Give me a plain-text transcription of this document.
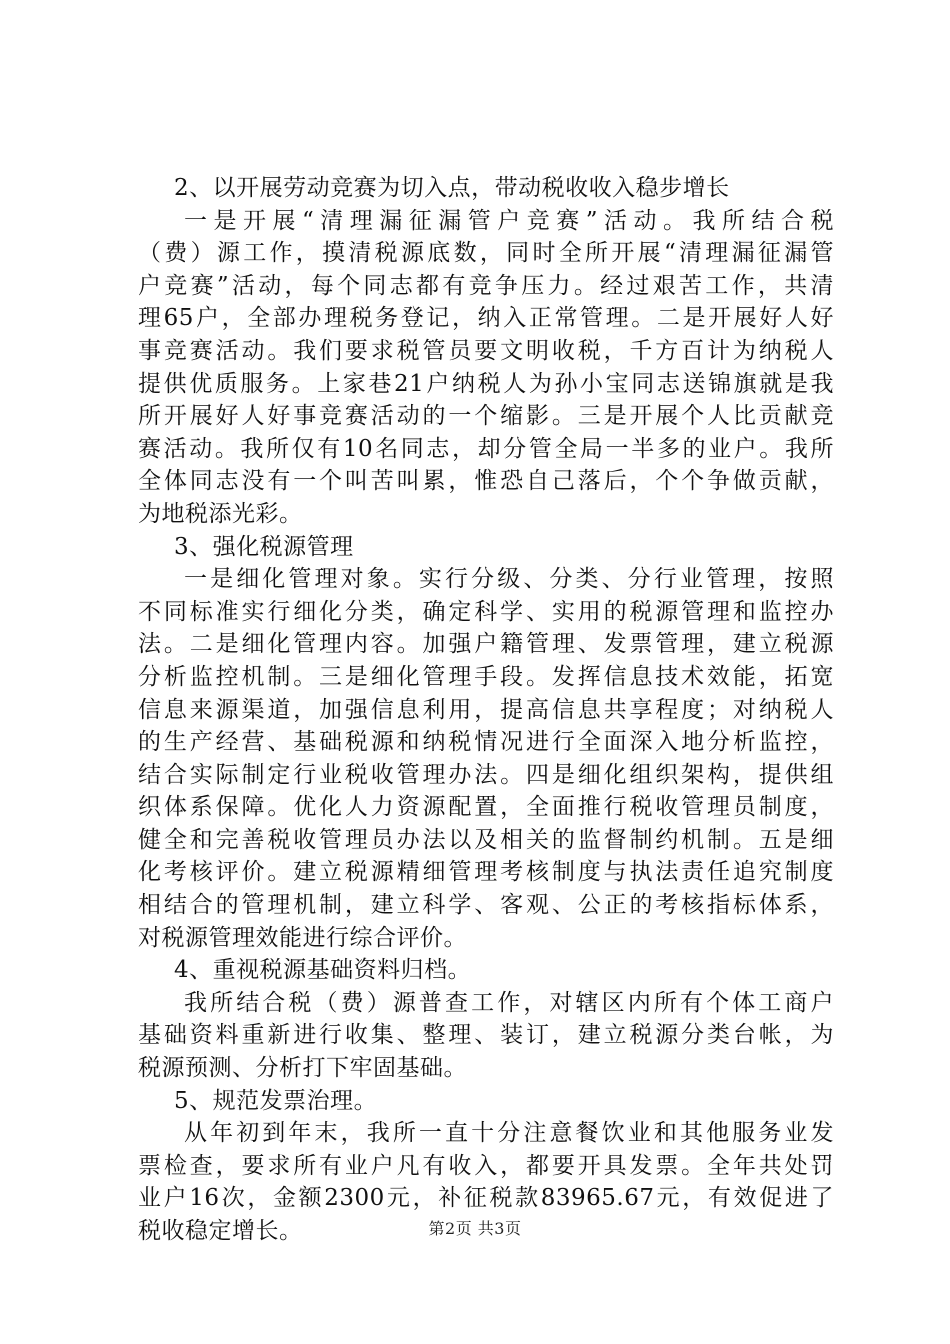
2、以开展劳动竞赛为切入点，带动税收收入稳步增长
一是开展“清理漏征漏管户竞赛”活动。我所结合税
（费）源工作，摸清税源底数，同时全所开展“清理漏征漏管
户竞赛”活动，每个同志都有竞争压力。经过艰苦工作，共清
理65户，全部办理税务登记，纳入正常管理。二是开展好人好
事竞赛活动。我们要求税管员要文明收税，千方百计为纳税人
提供优质服务。上家巷21户纳税人为孙小宝同志送锦旗就是我
所开展好人好事竞赛活动的一个缩影。三是开展个人比贡献竞
赛活动。我所仅有10名同志，却分管全局一半多的业户。我所
全体同志没有一个叫苦叫累，惟恐自己落后，个个争做贡献，
为地税添光彩。
3、强化税源管理
一是细化管理对象。实行分级、分类、分行业管理，按照
不同标准实行细化分类，确定科学、实用的税源管理和监控办
法。二是细化管理内容。加强户籍管理、发票管理，建立税源
分析监控机制。三是细化管理手段。发挥信息技术效能，拓宽
信息来源渠道，加强信息利用，提高信息共享程度；对纳税人
的生产经营、基础税源和纳税情况进行全面深入地分析监控，
结合实际制定行业税收管理办法。四是细化组织架构，提供组
织体系保障。优化人力资源配置，全面推行税收管理员制度，
健全和完善税收管理员办法以及相关的监督制约机制。五是细
化考核评价。建立税源精细管理考核制度与执法责任追究制度
相结合的管理机制，建立科学、客观、公正的考核指标体系，
对税源管理效能进行综合评价。
4、重视税源基础资料归档。
我所结合税（费）源普查工作，对辖区内所有个体工商户
基础资料重新进行收集、整理、装订，建立税源分类台帐，为
税源预测、分析打下牢固基础。
5、规范发票治理。
从年初到年末，我所一直十分注意餐饮业和其他服务业发
票检查，要求所有业户凡有收入，都要开具发票。全年共处罚
业户16次，金额2300元，补征税款83965.67元，有效促进了
税收稳定增长。	第2页 共3页
